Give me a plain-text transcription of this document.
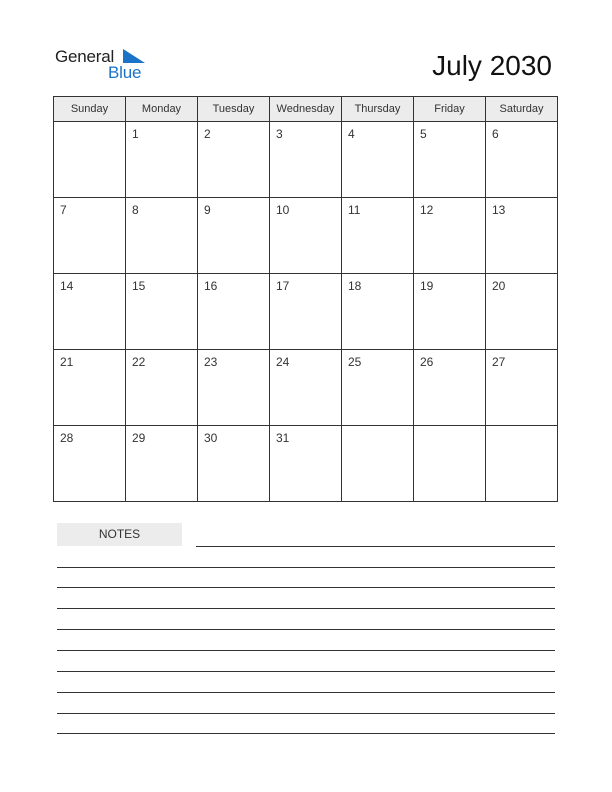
General
Blue	July 2030
Sunday	Monday	Tuesday	Wednesday	Thursday	Friday	Saturday

	1	2	3	4	5	6

7	8	9	10	11	12	13

14	15	16	17	18	19	20

21	22	23	24	25	26	27

28	29	30	31			

NOTES
